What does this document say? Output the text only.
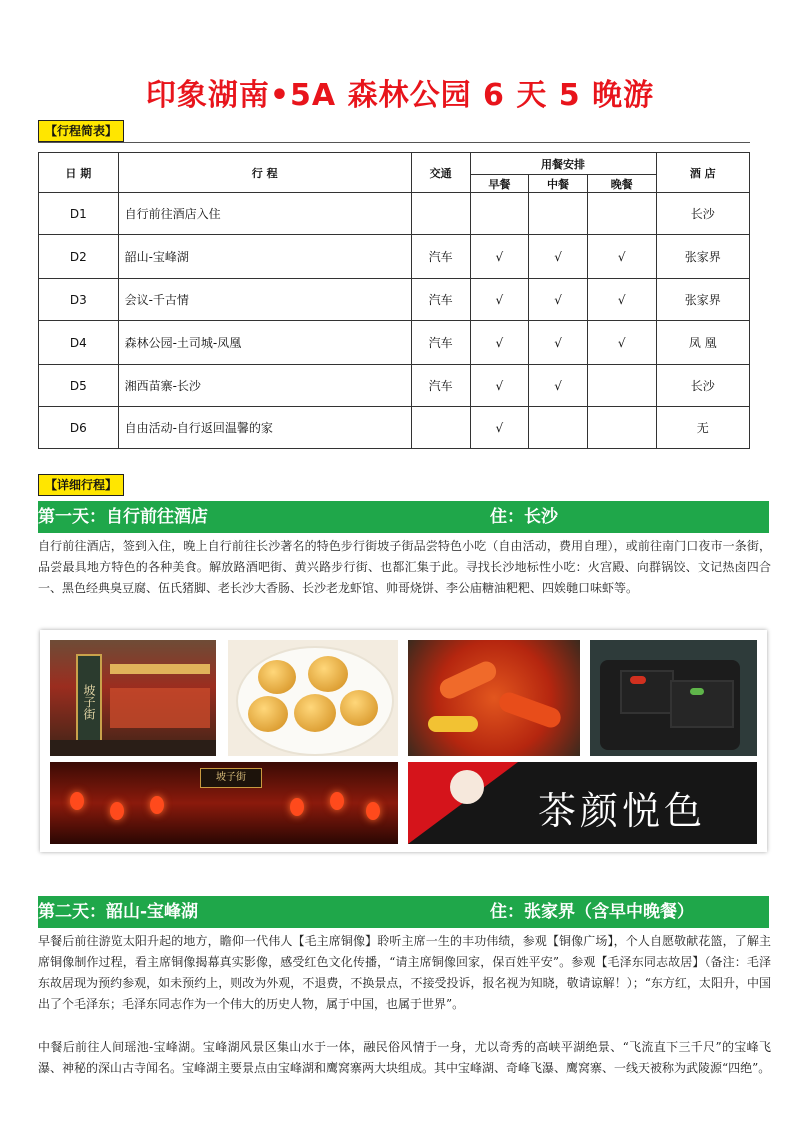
印象湖南•5A 森林公园 6 天 5 晚游
【行程简表】
日 期	行 程	交通	用餐安排			酒 店
			早餐	中餐	晚餐	
D1	自行前往酒店入住					长沙
D2	韶山-宝峰湖	汽车	√	√	√	张家界
D3	会议-千古情	汽车	√	√	√	张家界
D4	森林公园-土司城-凤凰	汽车	√	√	√	凤 凰
D5	湘西苗寨-长沙	汽车	√	√		长沙
D6	自由活动-自行返回温馨的家		√			无
【详细行程】
第一天：自行前往酒店	住：长沙
自行前往酒店，签到入住，晚上自行前往长沙著名的特色步行街坡子街品尝特色小吃（自由活动，费用自理），或前往南门口夜市一条街，品尝最具地方特色的各种美食。解放路酒吧街、黄兴路步行街、也都汇集于此。寻找长沙地标性小吃：火宫殿、向群锅饺、文记热卤四合一、黑色经典臭豆腐、伍氏猪脚、老长沙大香肠、长沙老龙虾馆、帅哥烧饼、李公庙糖油粑粑、四娭毑口味虾等。
坡子街
坡子街
茶颜悦色
第二天：韶山-宝峰湖	住：张家界（含早中晚餐）
早餐后前往游览太阳升起的地方，瞻仰一代伟人【毛主席铜像】聆听主席一生的丰功伟绩，参观【铜像广场】，个人自愿敬献花篮，了解主席铜像制作过程，看主席铜像揭幕真实影像，感受红色文化传播，“请主席铜像回家，保百姓平安”。参观【毛泽东同志故居】（备注：毛泽东故居现为预约参观，如未预约上，则改为外观，不退费，不换景点，不接受投诉，报名视为知晓，敬请谅解！）；“东方红，太阳升，中国出了个毛泽东；毛泽东同志作为一个伟大的历史人物，属于中国，也属于世界”。
中餐后前往人间瑶池-宝峰湖。宝峰湖风景区集山水于一体，融民俗风情于一身，尤以奇秀的高峡平湖绝景、“飞流直下三千尺”的宝峰飞瀑、神秘的深山古寺闻名。宝峰湖主要景点由宝峰湖和鹰窝寨两大块组成。其中宝峰湖、奇峰飞瀑、鹰窝寨、一线天被称为武陵源“四绝”。
